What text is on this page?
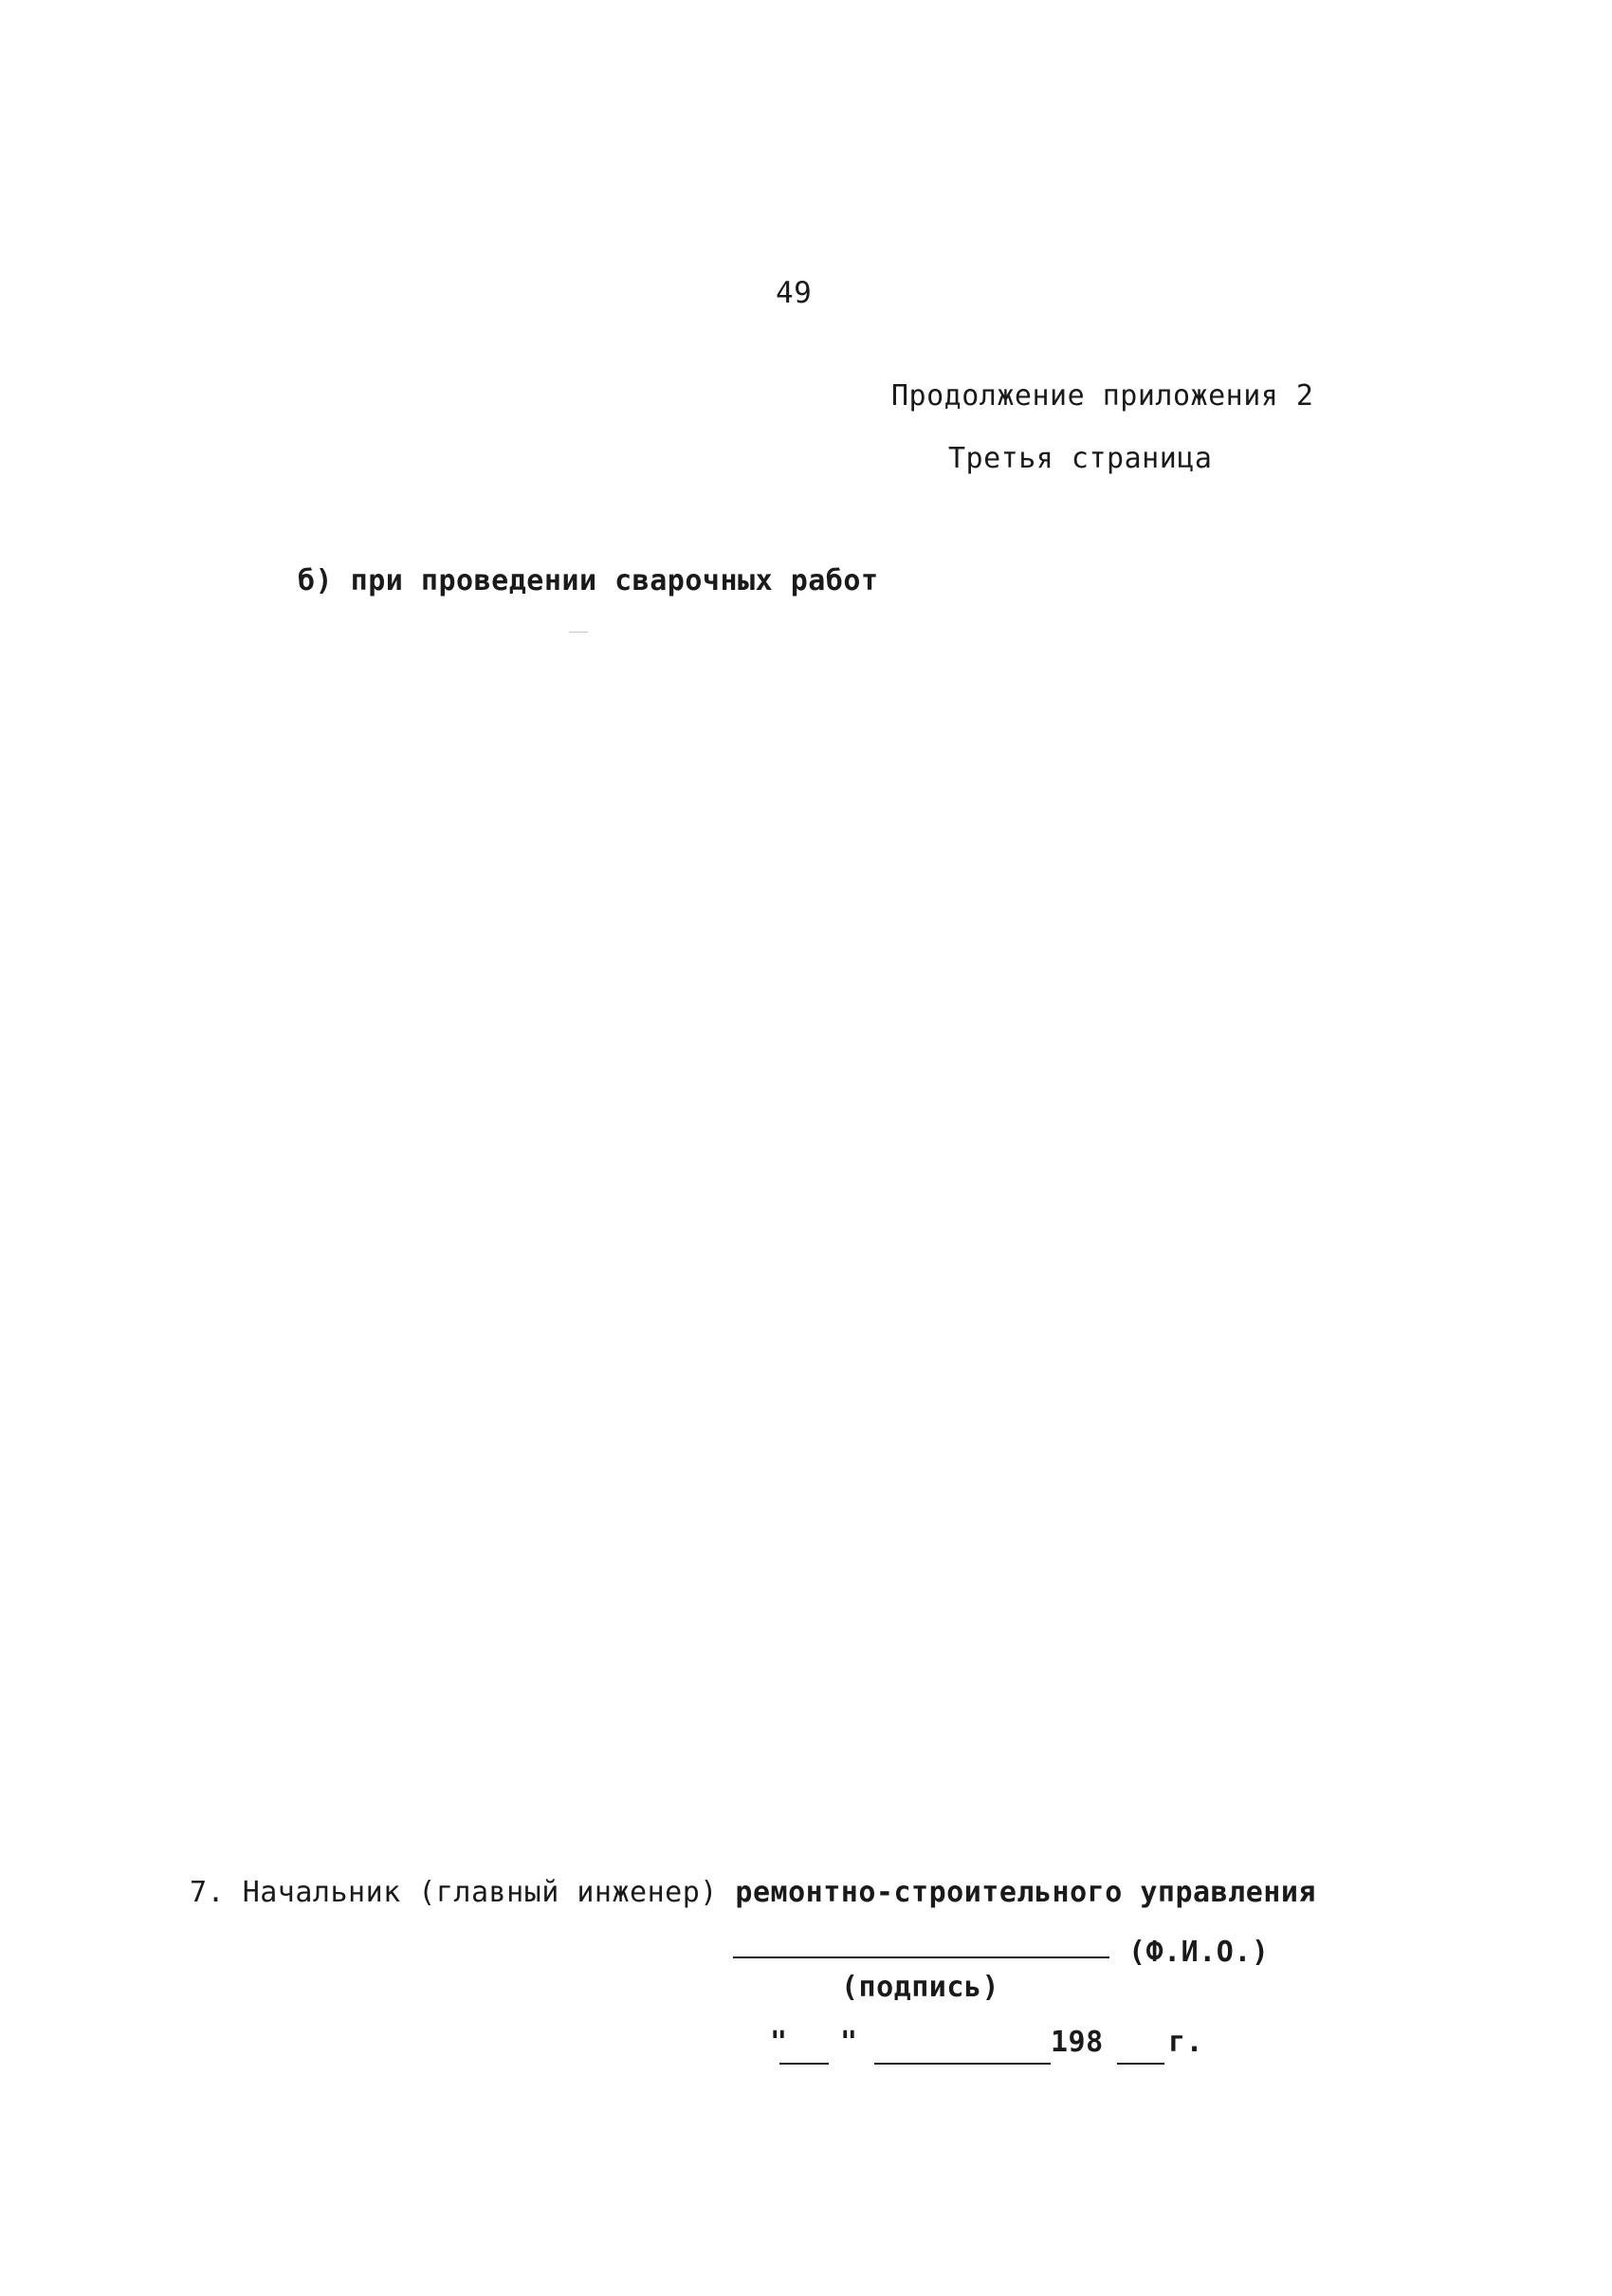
49
Продолжение приложения 2
Третья страница
б) при проведении сварочных работ
7. Начальник (главный инженер) ремонтно-строительного управления
(Ф.И.О.)
(подпись)
" "	198 г.
